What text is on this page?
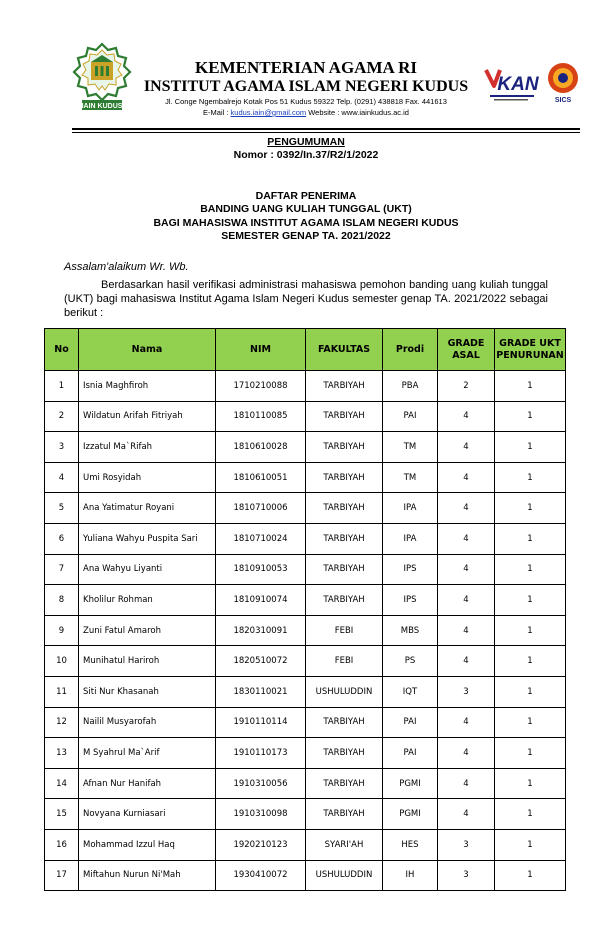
IAIN KUDUS
KEMENTERIAN AGAMA RI
INSTITUT AGAMA ISLAM NEGERI KUDUS
Jl. Conge Ngembalrejo Kotak Pos 51 Kudus 59322 Telp. (0291) 438818 Fax. 441613
E-Mail : kudus.iain@gmail.com Website : www.iainkudus.ac.id
KAN
SICS
PENGUMUMAN
Nomor : 0392/In.37/R2/1/2022
DAFTAR PENERIMA
BANDING UANG KULIAH TUNGGAL (UKT)
BAGI MAHASISWA INSTITUT AGAMA ISLAM NEGERI KUDUS
SEMESTER GENAP TA. 2021/2022
Assalam'alaikum Wr. Wb.
Berdasarkan hasil verifikasi administrasi mahasiswa pemohon banding uang kuliah tunggal (UKT) bagi mahasiswa Institut Agama Islam Negeri Kudus semester genap TA. 2021/2022 sebagai berikut :
No	Nama	NIM	FAKULTAS	Prodi	GRADE ASAL	GRADE UKT PENURUNAN
1	Isnia Maghfiroh	1710210088	TARBIYAH	PBA	2	1
2	Wildatun Arifah Fitriyah	1810110085	TARBIYAH	PAI	4	1
3	Izzatul Ma`Rifah	1810610028	TARBIYAH	TM	4	1
4	Umi Rosyidah	1810610051	TARBIYAH	TM	4	1
5	Ana Yatimatur Royani	1810710006	TARBIYAH	IPA	4	1
6	Yuliana Wahyu Puspita Sari	1810710024	TARBIYAH	IPA	4	1
7	Ana Wahyu Liyanti	1810910053	TARBIYAH	IPS	4	1
8	Kholilur Rohman	1810910074	TARBIYAH	IPS	4	1
9	Zuni Fatul Amaroh	1820310091	FEBI	MBS	4	1
10	Munihatul Hariroh	1820510072	FEBI	PS	4	1
11	Siti Nur Khasanah	1830110021	USHULUDDIN	IQT	3	1
12	Nailil Musyarofah	1910110114	TARBIYAH	PAI	4	1
13	M Syahrul Ma`Arif	1910110173	TARBIYAH	PAI	4	1
14	Afnan Nur Hanifah	1910310056	TARBIYAH	PGMI	4	1
15	Novyana Kurniasari	1910310098	TARBIYAH	PGMI	4	1
16	Mohammad Izzul Haq	1920210123	SYARI'AH	HES	3	1
17	Miftahun Nurun Ni'Mah	1930410072	USHULUDDIN	IH	3	1
